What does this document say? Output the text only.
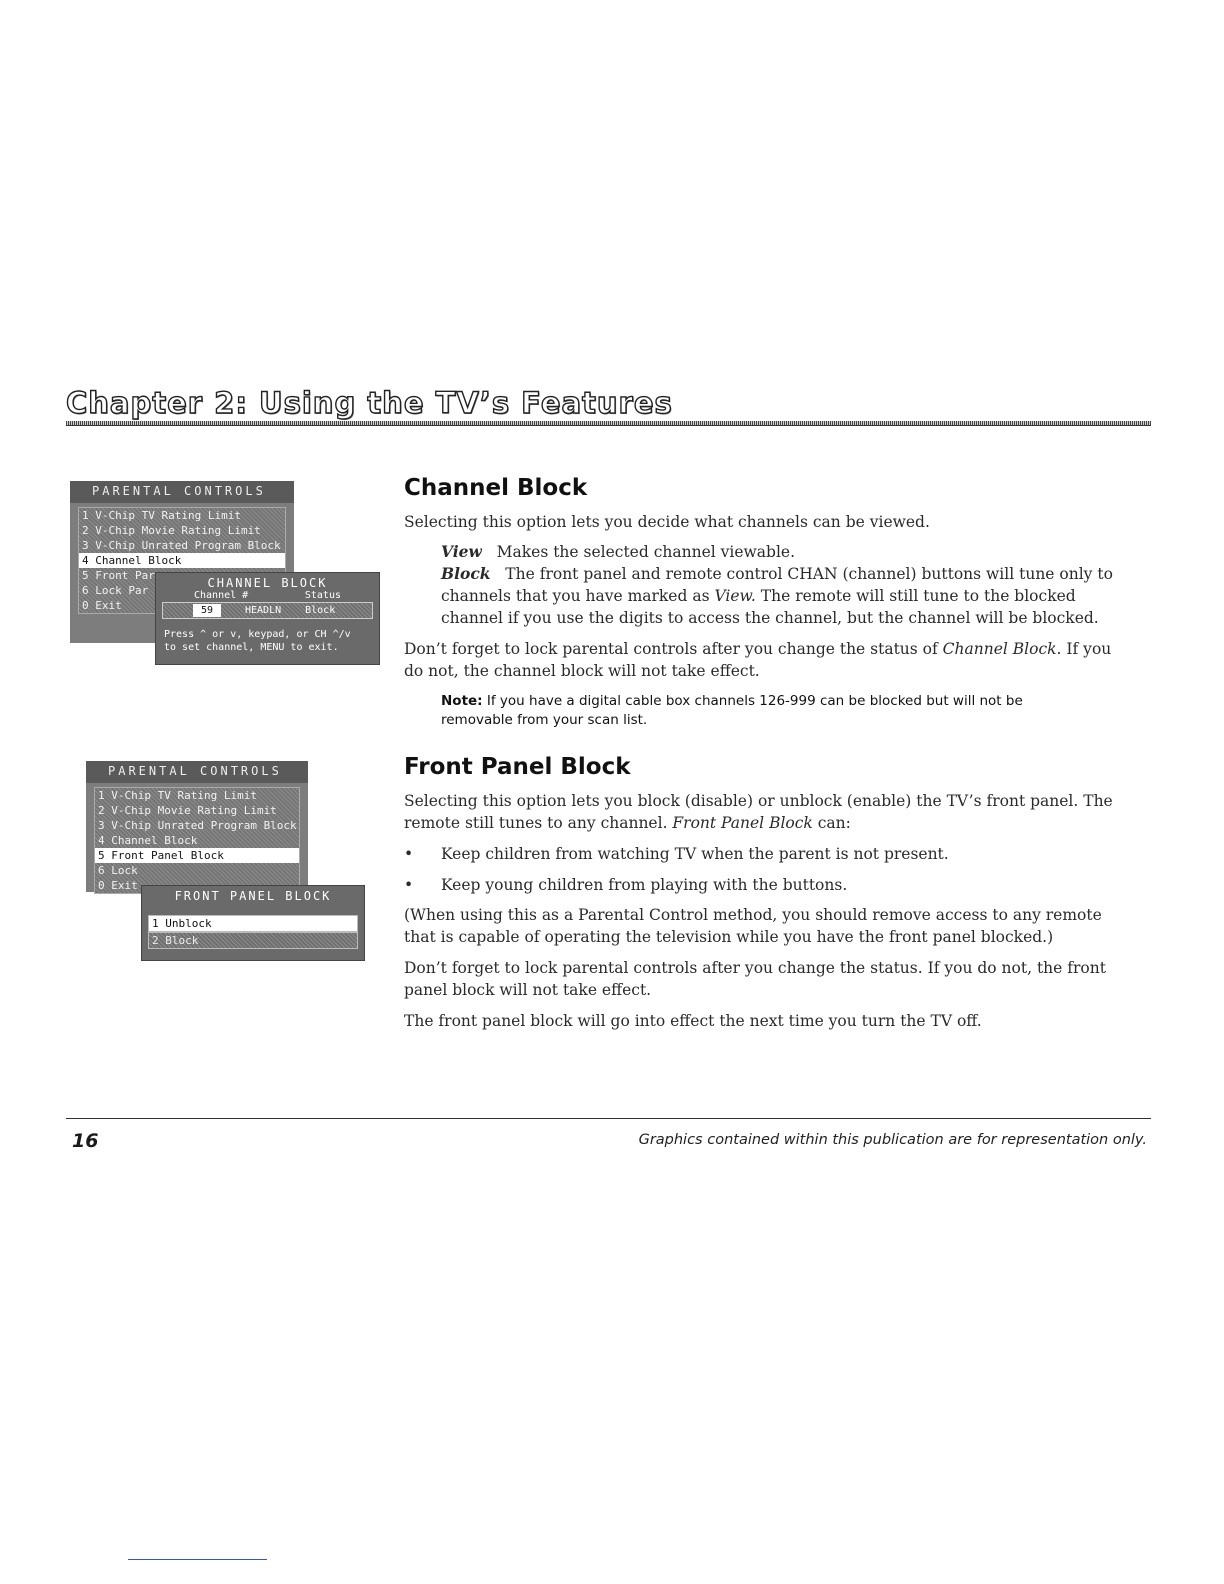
Chapter 2: Using the TV’s Features
PARENTAL CONTROLS
1 V-Chip TV Rating Limit
2 V-Chip Movie Rating Limit
3 V-Chip Unrated Program Block
4 Channel Block
5 Front Par
6 Lock Par
0 Exit
CHANNEL BLOCK
Channel #	Status
59	HEADLN Block
Press ^ or v, keypad, or CH ^/v
to set channel, MENU to exit.
PARENTAL CONTROLS
1 V-Chip TV Rating Limit
2 V-Chip Movie Rating Limit
3 V-Chip Unrated Program Block
4 Channel Block
5 Front Panel Block
6 Lock
0 Exit
FRONT PANEL BLOCK
1 Unblock
2 Block
Channel Block

Selecting this option lets you decide what channels can be viewed.

View Makes the selected channel viewable.

Block The front panel and remote control CHAN (channel) buttons will tune only to
channels that you have marked as View. The remote will still tune to the blocked
channel if you use the digits to access the channel, but the channel will be blocked.

Don’t forget to lock parental controls after you change the status of Channel Block. If you
do not, the channel block will not take effect.

Note: If you have a digital cable box channels 126-999 can be blocked but will not be
removable from your scan list.

Front Panel Block

Selecting this option lets you block (disable) or unblock (enable) the TV’s front panel. The
remote still tunes to any channel. Front Panel Block can:

• Keep children from watching TV when the parent is not present.
• Keep young children from playing with the buttons.

(When using this as a Parental Control method, you should remove access to any remote
that is capable of operating the television while you have the front panel blocked.)

Don’t forget to lock parental controls after you change the status. If you do not, the front
panel block will not take effect.

The front panel block will go into effect the next time you turn the TV off.

16	Graphics contained within this publication are for representation only.
